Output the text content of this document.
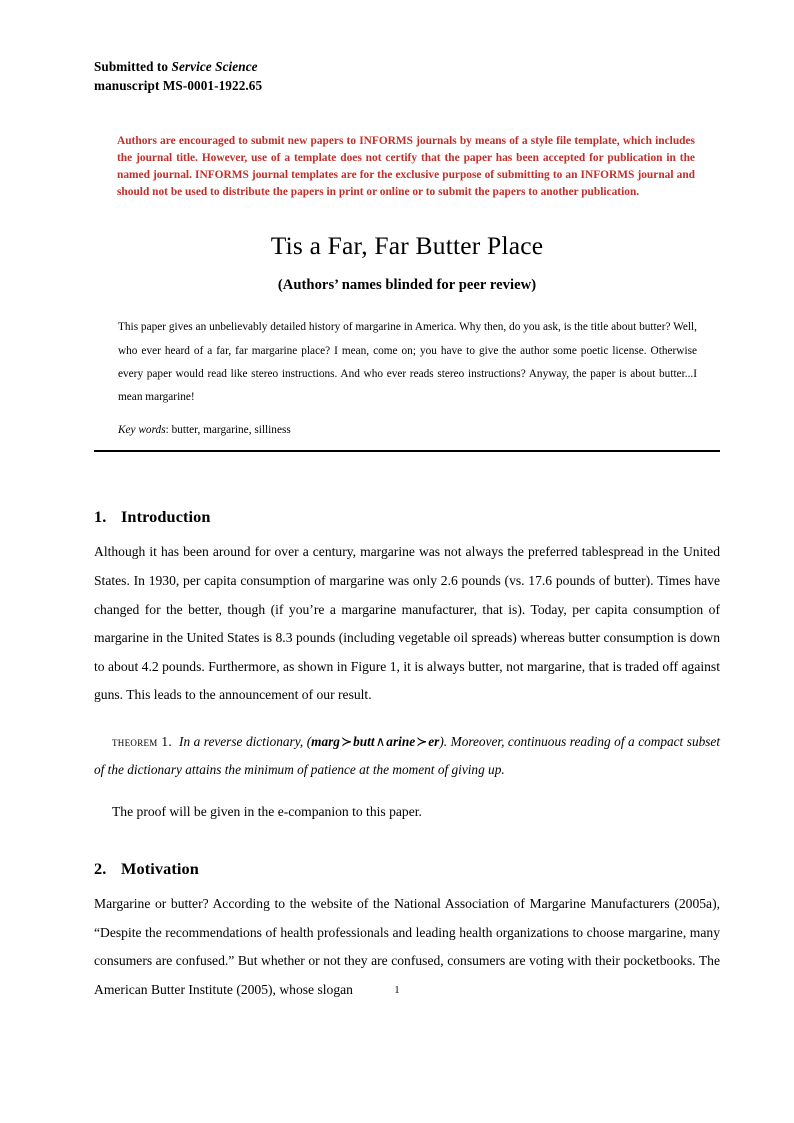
Submitted to Service Science
manuscript MS-0001-1922.65
Authors are encouraged to submit new papers to INFORMS journals by means of a style file template, which includes the journal title. However, use of a template does not certify that the paper has been accepted for publication in the named journal. INFORMS journal templates are for the exclusive purpose of submitting to an INFORMS journal and should not be used to distribute the papers in print or online or to submit the papers to another publication.
Tis a Far, Far Butter Place
(Authors’ names blinded for peer review)
This paper gives an unbelievably detailed history of margarine in America. Why then, do you ask, is the title about butter? Well, who ever heard of a far, far margarine place? I mean, come on; you have to give the author some poetic license. Otherwise every paper would read like stereo instructions. And who ever reads stereo instructions? Anyway, the paper is about butter...I mean margarine!
Key words: butter, margarine, silliness
1. Introduction
Although it has been around for over a century, margarine was not always the preferred tablespread in the United States. In 1930, per capita consumption of margarine was only 2.6 pounds (vs. 17.6 pounds of butter). Times have changed for the better, though (if you’re a margarine manufacturer, that is). Today, per capita consumption of margarine in the United States is 8.3 pounds (including vegetable oil spreads) whereas butter consumption is down to about 4.2 pounds. Furthermore, as shown in Figure 1, it is always butter, not margarine, that is traded off against guns. This leads to the announcement of our result.
theorem 1. In a reverse dictionary, (marg≻butt∧arine≻er). Moreover, continuous reading of a compact subset of the dictionary attains the minimum of patience at the moment of giving up.
The proof will be given in the e-companion to this paper.
2. Motivation
Margarine or butter? According to the website of the National Association of Margarine Manufacturers (2005a), “Despite the recommendations of health professionals and leading health organizations to choose margarine, many consumers are confused.” But whether or not they are confused, consumers are voting with their pocketbooks. The American Butter Institute (2005), whose slogan	1
